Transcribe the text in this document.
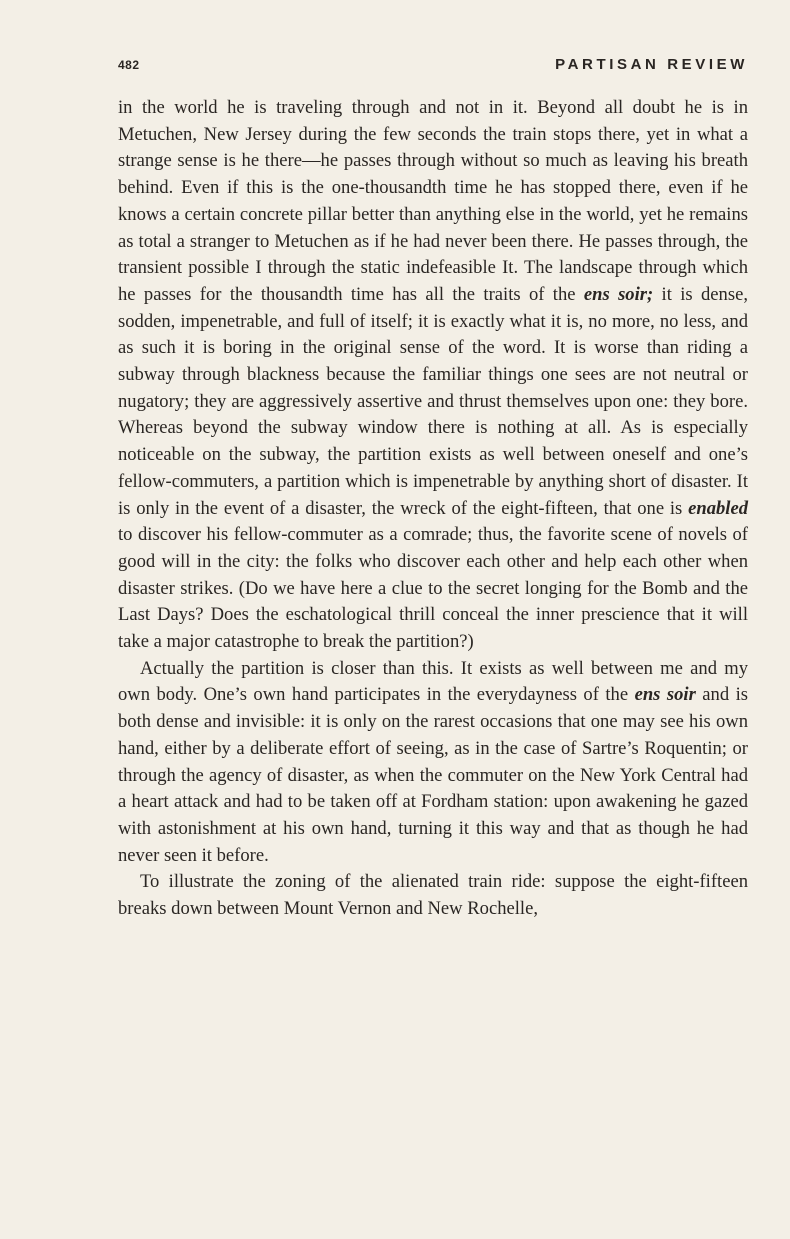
482	PARTISAN REVIEW

in the world he is traveling through and not in it. Beyond all doubt he is in Metuchen, New Jersey during the few seconds the train stops there, yet in what a strange sense is he there—he passes through without so much as leaving his breath behind. Even if this is the one-thousandth time he has stopped there, even if he knows a certain concrete pillar better than anything else in the world, yet he remains as total a stranger to Metuchen as if he had never been there. He passes through, the transient possible I through the static indefeasible It. The landscape through which he passes for the thousandth time has all the traits of the ens soir; it is dense, sodden, impenetrable, and full of itself; it is exactly what it is, no more, no less, and as such it is boring in the original sense of the word. It is worse than riding a subway through blackness because the familiar things one sees are not neutral or nugatory; they are aggressively assertive and thrust themselves upon one: they bore. Whereas beyond the subway window there is nothing at all. As is especially noticeable on the subway, the partition exists as well between oneself and one’s fellow-commuters, a partition which is impenetrable by anything short of disaster. It is only in the event of a disaster, the wreck of the eight-fifteen, that one is enabled to discover his fellow-commuter as a comrade; thus, the favorite scene of novels of good will in the city: the folks who discover each other and help each other when disaster strikes. (Do we have here a clue to the secret longing for the Bomb and the Last Days? Does the eschatological thrill conceal the inner prescience that it will take a major catastrophe to break the partition?)

Actually the partition is closer than this. It exists as well between me and my own body. One’s own hand participates in the everydayness of the ens soir and is both dense and invisible: it is only on the rarest occasions that one may see his own hand, either by a deliberate effort of seeing, as in the case of Sartre’s Roquentin; or through the agency of disaster, as when the commuter on the New York Central had a heart attack and had to be taken off at Fordham station: upon awakening he gazed with astonishment at his own hand, turning it this way and that as though he had never seen it before.

To illustrate the zoning of the alienated train ride: suppose the eight-fifteen breaks down between Mount Vernon and New Rochelle,
